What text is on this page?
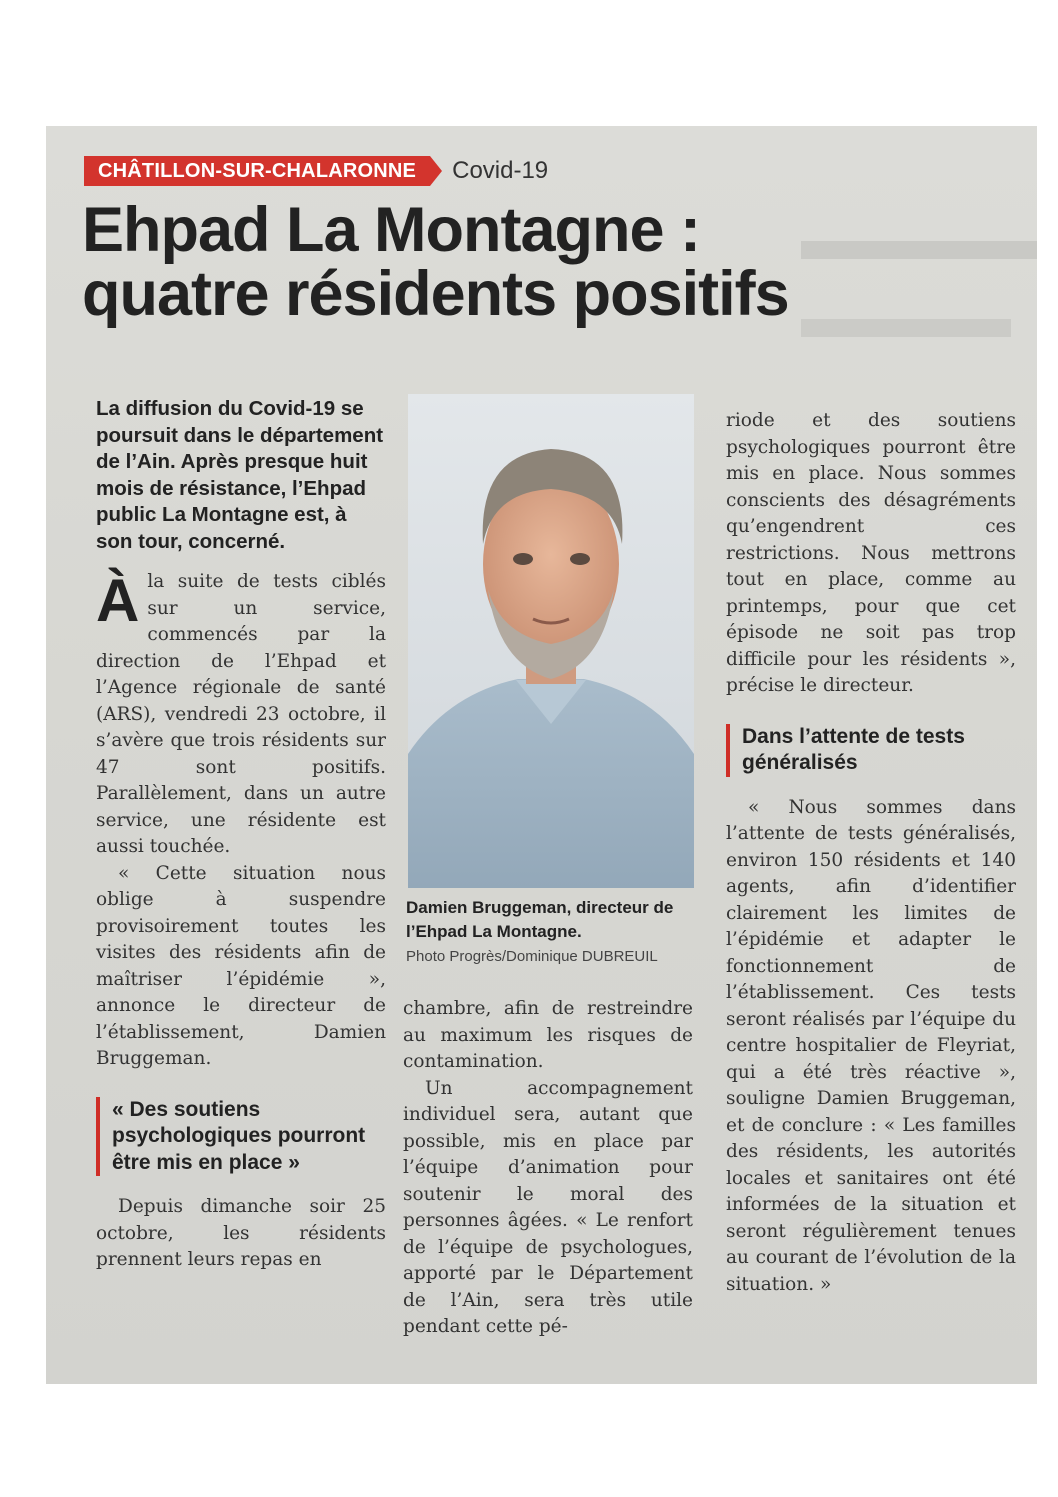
CHÂTILLON-SUR-CHALARONNE	Covid-19
Ehpad La Montagne :
quatre résidents positifs

La diffusion du Covid-19 se poursuit dans le département de l’Ain. Après presque huit mois de résistance, l’Ehpad public La Montagne est, à son tour, concerné.

Àla suite de tests ciblés sur un service, commencés par la direction de l’Ehpad et l’Agence régionale de santé (ARS), vendredi 23 octobre, il s’avère que trois résidents sur 47 sont positifs. Parallèlement, dans un autre service, une résidente est aussi touchée.

« Cette situation nous oblige à suspendre provisoirement toutes les visites des résidents afin de maîtriser l’épidémie », annonce le directeur de l’établissement, Damien Bruggeman.

« Des soutiens psychologiques pourront être mis en place »

Depuis dimanche soir 25 octobre, les résidents prennent leurs repas en

Damien Bruggeman, directeur de l’Ehpad La Montagne.

Photo Progrès/Dominique DUBREUIL

chambre, afin de restreindre au maximum les risques de contamination.

Un accompagnement individuel sera, autant que possible, mis en place par l’équipe d’animation pour soutenir le moral des personnes âgées. « Le renfort de l’équipe de psychologues, apporté par le Département de l’Ain, sera très utile pendant cette pé-

riode et des soutiens psychologiques pourront être mis en place. Nous sommes conscients des désagréments qu’engendrent ces restrictions. Nous mettrons tout en place, comme au printemps, pour que cet épisode ne soit pas trop difficile pour les résidents », précise le directeur.

Dans l’attente de tests généralisés

« Nous sommes dans l’attente de tests généralisés, environ 150 résidents et 140 agents, afin d’identifier clairement les limites de l’épidémie et adapter le fonctionnement de l’établissement. Ces tests seront réalisés par l’équipe du centre hospitalier de Fleyriat, qui a été très réactive », souligne Damien Bruggeman, et de conclure : « Les familles des résidents, les autorités locales et sanitaires ont été informées de la situation et seront régulièrement tenues au courant de l’évolution de la situation. »
